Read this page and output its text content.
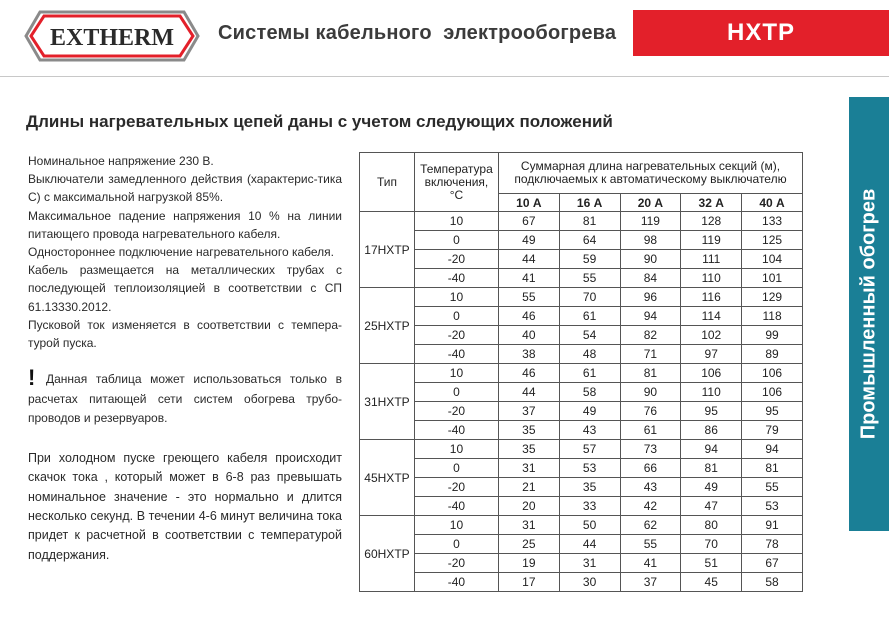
EXTHERM Системы кабельного  электрообогрева	НХТР
Промышленный обогрев
Длины нагревательных цепей даны с учетом следующих положений

Номинальное напряжение 230 В.

Выключатели замедленного действия (характерис-тика С) с максимальной нагрузкой 85%.

Максимальное падение напряжения 10 % на линии питающего провода нагревательного кабеля.

Одностороннее подключение нагревательного кабеля.

Кабель размещается на металлических трубах с последующей теплоизоляцией в соответствии с СП 61.13330.2012.

Пусковой ток изменяется в соответствии с темпера-турой пуска.

! Данная таблица может использоваться только в расчетах питающей сети систем обогрева трубо-проводов и резервуаров.

При холодном пуске греющего кабеля происходит скачок тока , который может в 6-8 раз превышать номинальное значение - это нормально и длится несколько секунд. В течении 4-6 минут величина тока придет к расчетной в соответствии с температурой поддержания.

Тип	Температура включения, °С	Суммарная длина нагревательных секций (м), подключаемых к автоматическому выключателю				
		10 А	16 А	20 А	32 А	40 А
17НХТР	10	67	81	119	128	133
	0	49	64	98	119	125
	-20	44	59	90	111	104
	-40	41	55	84	110	101
25НХТР	10	55	70	96	116	129
	0	46	61	94	114	118
	-20	40	54	82	102	99
	-40	38	48	71	97	89
31НХТР	10	46	61	81	106	106
	0	44	58	90	110	106
	-20	37	49	76	95	95
	-40	35	43	61	86	79
45НХТР	10	35	57	73	94	94
	0	31	53	66	81	81
	-20	21	35	43	49	55
	-40	20	33	42	47	53
60НХТР	10	31	50	62	80	91
	0	25	44	55	70	78
	-20	19	31	41	51	67
	-40	17	30	37	45	58
